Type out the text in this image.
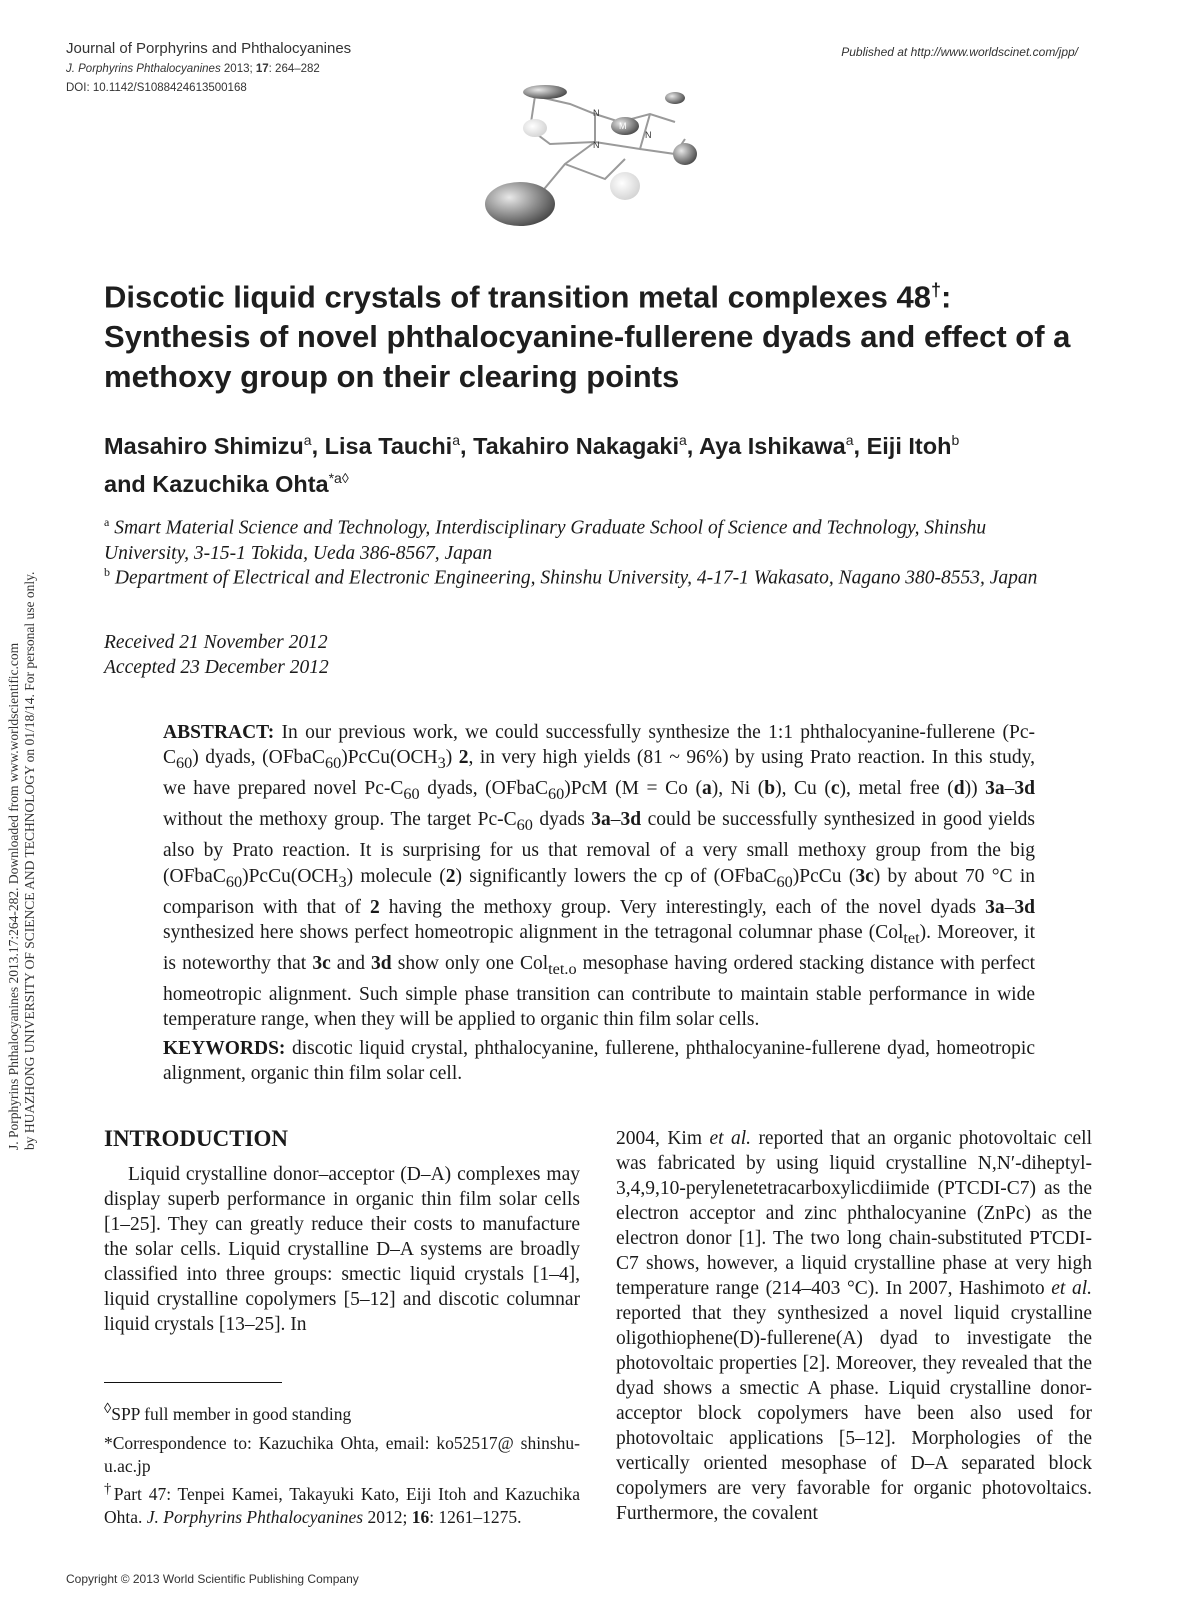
Journal of Porphyrins and Phthalocyanines
J. Porphyrins Phthalocyanines 2013; 17: 264–282
DOI: 10.1142/S1088424613500168
Published at http://www.worldscinet.com/jpp/
M
N
N
N
J. Porphyrins Phthalocyanines 2013.17:264-282. Downloaded from www.worldscientific.com by HUAZHONG UNIVERSITY OF SCIENCE AND TECHNOLOGY on 01/18/14. For personal use only.
Discotic liquid crystals of transition metal complexes 48†: Synthesis of novel phthalocyanine-fullerene dyads and effect of a methoxy group on their clearing points
Masahiro Shimizu$^a$, Lisa Tauchi$^a$, Takahiro Nakagaki$^a$, Aya Ishikawa$^a$, Eiji Itoh$^b$
and Kazuchika Ohta$^{*a◊}$
$^a$ Smart Material Science and Technology, Interdisciplinary Graduate School of Science and Technology, Shinshu University, 3-15-1 Tokida, Ueda 386-8567, Japan
$^b$ Department of Electrical and Electronic Engineering, Shinshu University, 4-17-1 Wakasato, Nagano 380-8553, Japan
Received 21 November 2012
Accepted 23 December 2012
ABSTRACT: In our previous work, we could successfully synthesize the 1:1 phthalocyanine-fullerene $(Pc-C_{60})$ dyads, $(OFbaC_{60})PcCu(OCH_3)$ 2, in very high yields (81 ~ 96%) by using Prato reaction. In this study, we have prepared novel $Pc-C_{60}$ dyads, (OFbaC$_{60}$)PcM (M = Co (a), Ni (b), Cu (c), metal free (d)) 3a–3d without the methoxy group. The target $Pc-C_{60}$ dyads 3a–3d could be successfully synthesized in good yields also by Prato reaction. It is surprising for us that removal of a very small methoxy group from the big $(OFbaC_{60})PcCu(OCH_3)$ molecule (2) significantly lowers the cp of (OFbaC$_{60}$)PcCu (3c) by about 70 °C in comparison with that of 2 having the methoxy group. Very interestingly, each of the novel dyads 3a–3d synthesized here shows perfect homeotropic alignment in the tetragonal columnar phase (Col$_{tet}$). Moreover, it is noteworthy that 3c and 3d show only one Col$_{tet.o}$ mesophase having ordered stacking distance with perfect homeotropic alignment. Such simple phase transition can contribute to maintain stable performance in wide temperature range, when they will be applied to organic thin film solar cells.
KEYWORDS: discotic liquid crystal, phthalocyanine, fullerene, phthalocyanine-fullerene dyad, homeotropic alignment, organic thin film solar cell.
INTRODUCTION

Liquid crystalline donor–acceptor (D–A) complexes may display superb performance in organic thin film solar cells [1–25]. They can greatly reduce their costs to manufacture the solar cells. Liquid crystalline D–A systems are broadly classified into three groups: smectic liquid crystals [1–4], liquid crystalline copolymers [5–12] and discotic columnar liquid crystals [13–25]. In

2004, Kim et al. reported that an organic photovoltaic cell was fabricated by using liquid crystalline N,N′-diheptyl-3,4,9,10-perylenetetracarboxylicdiimide (PTCDI-C7) as the electron acceptor and zinc phthalocyanine (ZnPc) as the electron donor [1]. The two long chain-substituted PTCDI-C7 shows, however, a liquid crystalline phase at very high temperature range (214–403 °C). In 2007, Hashimoto et al. reported that they synthesized a novel liquid crystalline oligothiophene(D)-fullerene(A) dyad to investigate the photovoltaic properties [2]. Moreover, they revealed that the dyad shows a smectic A phase. Liquid crystalline donor-acceptor block copolymers have been also used for photovoltaic applications [5–12]. Morphologies of the vertically oriented mesophase of D–A separated block copolymers are very favorable for organic photovoltaics. Furthermore, the covalent

◊SPP full member in good standing
*Correspondence to: Kazuchika Ohta, email: ko52517@ shinshu-u.ac.jp
†Part 47: Tenpei Kamei, Takayuki Kato, Eiji Itoh and Kazuchika Ohta. J. Porphyrins Phthalocyanines 2012; 16: 1261–1275.
Copyright © 2013 World Scientific Publishing Company
